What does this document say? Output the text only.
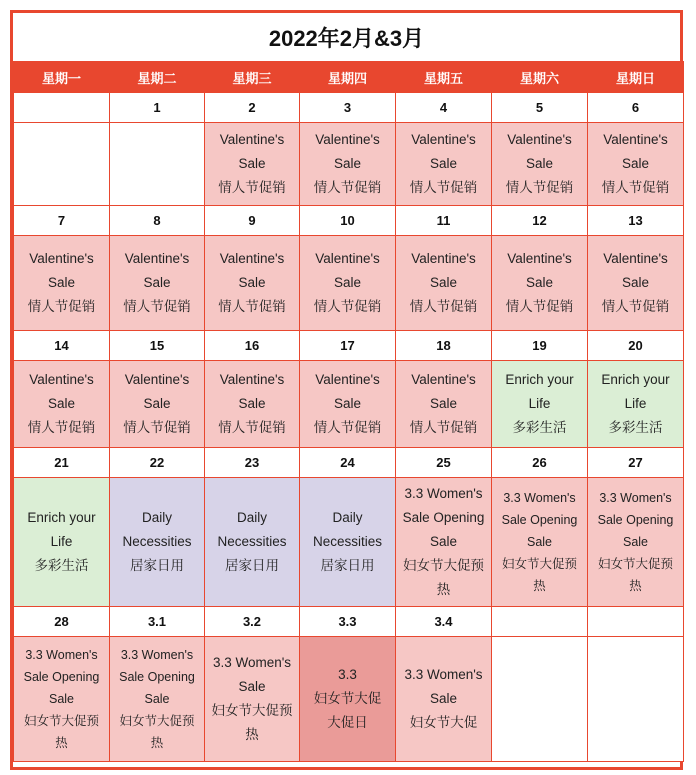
2022年2月&3月
星期一	星期二	星期三	星期四	星期五	星期六	星期日
	1	2	3	4	5	6

		Valentine's
Sale
情人节促销	Valentine's
Sale
情人节促销	Valentine's
Sale
情人节促销	Valentine's
Sale
情人节促销	Valentine's
Sale
情人节促销

7	8	9	10	11	12	13

Valentine's
Sale
情人节促销	Valentine's
Sale
情人节促销	Valentine's
Sale
情人节促销	Valentine's
Sale
情人节促销	Valentine's
Sale
情人节促销	Valentine's
Sale
情人节促销	Valentine's
Sale
情人节促销

14	15	16	17	18	19	20

Valentine's
Sale
情人节促销	Valentine's
Sale
情人节促销	Valentine's
Sale
情人节促销	Valentine's
Sale
情人节促销	Valentine's
Sale
情人节促销	Enrich your
Life
多彩生活	Enrich your
Life
多彩生活

21	22	23	24	25	26	27

Enrich your
Life
多彩生活	Daily
Necessities
居家日用	Daily
Necessities
居家日用	Daily
Necessities
居家日用	3.3 Women's
Sale Opening
Sale
妇女节大促预
热	3.3 Women's
Sale Opening
Sale
妇女节大促预
热	3.3 Women's
Sale Opening
Sale
妇女节大促预
热

28	3.1	3.2	3.3	3.4		

3.3 Women's
Sale Opening
Sale
妇女节大促预
热	3.3 Women's
Sale Opening
Sale
妇女节大促预
热	3.3 Women's
Sale
妇女节大促预
热	3.3
妇女节大促
大促日	3.3 Women's
Sale
妇女节大促		
